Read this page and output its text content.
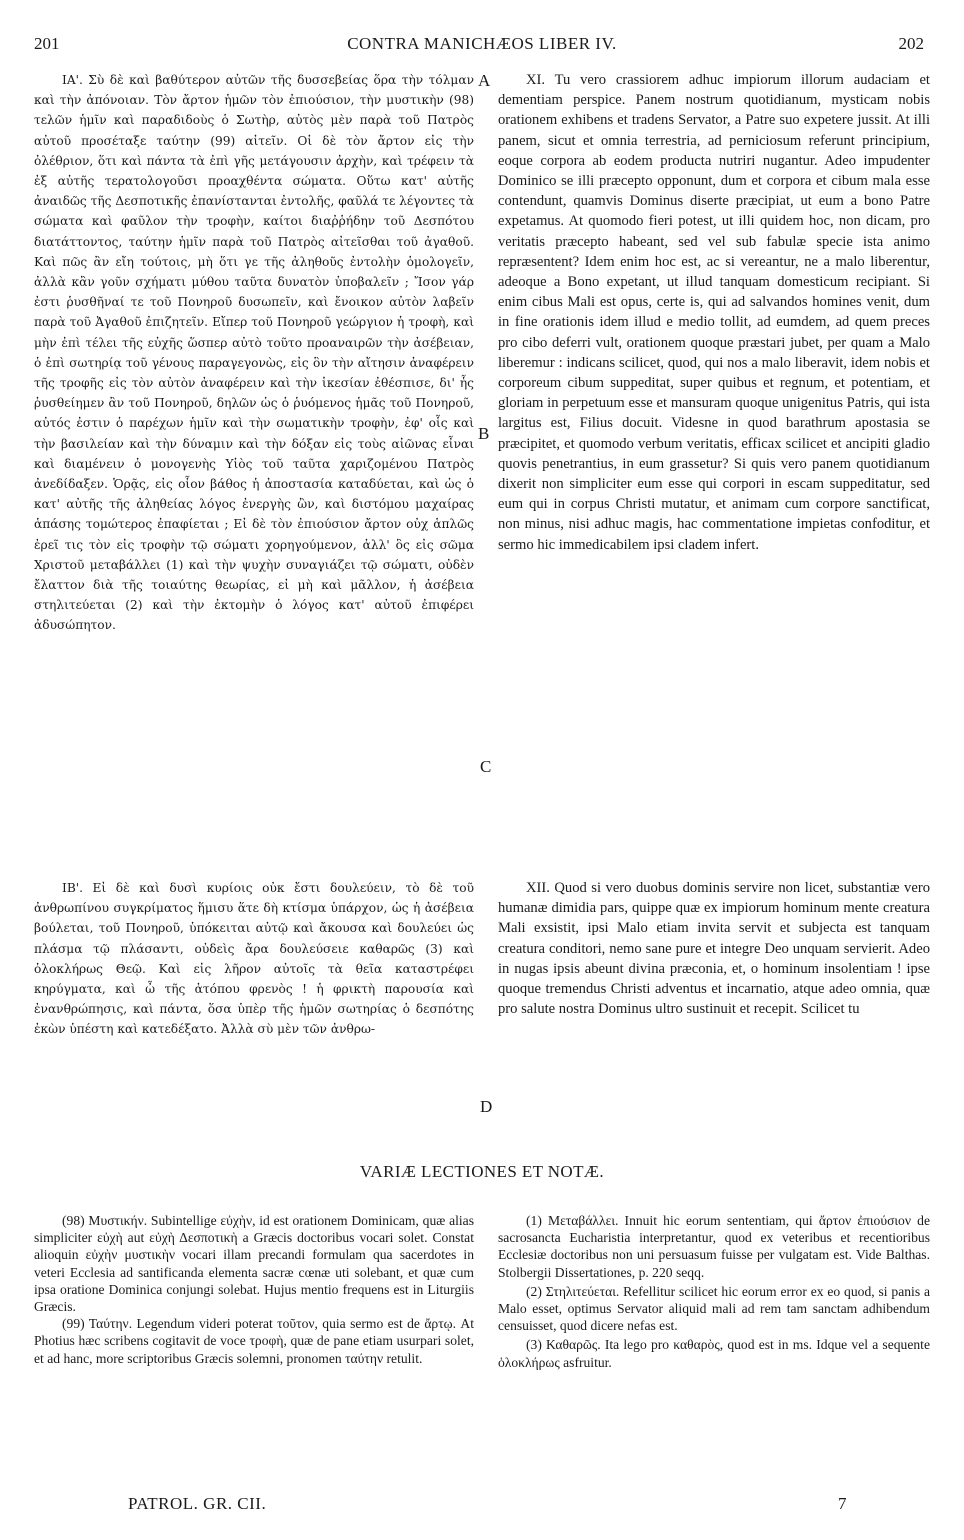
201	CONTRA MANICHÆOS LIBER IV.	202

ΙΑ'. Σὺ δὲ καὶ βαθύτερον αὐτῶν τῆς δυσσεβείας ὅρα τὴν τόλμαν καὶ τὴν ἀπόνοιαν. Τὸν ἄρτον ἡμῶν τὸν ἐπιούσιον, τὴν μυστικὴν (98) τελῶν ἡμῖν καὶ παραδιδοὺς ὁ Σωτὴρ, αὐτὸς μὲν παρὰ τοῦ Πατρὸς αὐτοῦ προσέταξε ταύτην (99) αἰτεῖν. Οἱ δὲ τὸν ἄρτον εἰς τὴν ὀλέθριον, ὅτι καὶ πάντα τὰ ἐπὶ γῆς μετάγουσιν ἀρχὴν, καὶ τρέφειν τὰ ἐξ αὐτῆς τερατολογοῦσι προαχθέντα σώματα. Οὕτω κατ' αὐτῆς ἀναιδῶς τῆς Δεσποτικῆς ἐπανίστανται ἐντολῆς, φαῦλά τε λέγοντες τὰ σώματα καὶ φαῦλον τὴν τροφὴν, καίτοι διαῤῥήδην τοῦ Δεσπότου διατάττοντος, ταύτην ἡμῖν παρὰ τοῦ Πατρὸς αἰτεῖσθαι τοῦ ἀγαθοῦ. Καὶ πῶς ἂν εἴη τούτοις, μὴ ὅτι γε τῆς ἀληθοῦς ἐντολὴν ὁμολογεῖν, ἀλλὰ κἂν γοῦν σχήματι μύθου ταῦτα δυνατὸν ὑποβαλεῖν ; Ἴσον γάρ ἐστι ῥυσθῆναί τε τοῦ Πονηροῦ δυσωπεῖν, καὶ ἔνοικον αὐτὸν λαβεῖν παρὰ τοῦ Ἀγαθοῦ ἐπιζητεῖν. Εἴπερ τοῦ Πονηροῦ γεώργιον ἡ τροφὴ, καὶ μὴν ἐπὶ τέλει τῆς εὐχῆς ὥσπερ αὐτὸ τοῦτο προαναιρῶν τὴν ἀσέβειαν, ὁ ἐπὶ σωτηρίᾳ τοῦ γένους παραγεγονὼς, εἰς ὃν τὴν αἴτησιν ἀναφέρειν τῆς τροφῆς εἰς τὸν αὐτὸν ἀναφέρειν καὶ τὴν ἱκεσίαν ἐθέσπισε, δι' ἧς ῥυσθείημεν ἂν τοῦ Πονηροῦ, δηλῶν ὡς ὁ ῥυόμενος ἡμᾶς τοῦ Πονηροῦ, αὐτός ἐστιν ὁ παρέχων ἡμῖν καὶ τὴν σωματικὴν τροφὴν, ἐφ' οἷς καὶ τὴν βασιλείαν καὶ τὴν δύναμιν καὶ τὴν δόξαν εἰς τοὺς αἰῶνας εἶναι καὶ διαμένειν ὁ μονογενὴς Υἱὸς τοῦ ταῦτα χαριζομένου Πατρὸς ἀνεδίδαξεν. Ὁρᾷς, εἰς οἷον βάθος ἡ ἀποστασία καταδύεται, καὶ ὡς ὁ κατ' αὐτῆς τῆς ἀληθείας λόγος ἐνεργὴς ὢν, καὶ διστόμου μαχαίρας ἁπάσης τομώτερος ἐπαφίεται ; Εἰ δὲ τὸν ἐπιούσιον ἄρτον οὐχ ἁπλῶς ἐρεῖ τις τὸν εἰς τροφὴν τῷ σώματι χορηγούμενον, ἀλλ' ὃς εἰς σῶμα Χριστοῦ μεταβάλλει (1) καὶ τὴν ψυχὴν συναγιάζει τῷ σώματι, οὐδὲν ἔλαττον διὰ τῆς τοιαύτης θεωρίας, εἰ μὴ καὶ μᾶλλον, ἡ ἀσέβεια στηλιτεύεται (2) καὶ τὴν ἐκτομὴν ὁ λόγος κατ' αὐτοῦ ἐπιφέρει ἀδυσώπητον.

ΙΒ'. Εἰ δὲ καὶ δυσὶ κυρίοις οὐκ ἔστι δουλεύειν, τὸ δὲ τοῦ ἀνθρωπίνου συγκρίματος ἥμισυ ἅτε δὴ κτίσμα ὑπάρχον, ὡς ἡ ἀσέβεια βούλεται, τοῦ Πονηροῦ, ὑπόκειται αὐτῷ καὶ ἄκουσα καὶ δουλεύει ὡς πλάσμα τῷ πλάσαντι, οὐδεὶς ἄρα δουλεύσειε καθαρῶς (3) καὶ ὁλοκλήρως Θεῷ. Καὶ εἰς λῆρον αὐτοῖς τὰ θεῖα καταστρέφει κηρύγματα, καὶ ὦ τῆς ἀτόπου φρενὸς ! ἡ φρικτὴ παρουσία καὶ ἐνανθρώπησις, καὶ πάντα, ὅσα ὑπὲρ τῆς ἡμῶν σωτηρίας ὁ δεσπότης ἐκὼν ὑπέστη καὶ κατεδέξατο. Ἀλλὰ σὺ μὲν τῶν ἀνθρω-

A
B
C
D

XI. Tu vero crassiorem adhuc impiorum illorum audaciam et dementiam perspice. Panem nostrum quotidianum, mysticam nobis orationem exhibens et tradens Servator, a Patre suo expetere jussit. At illi panem, sicut et omnia terrestria, ad perniciosum referunt principium, eoque corpora ab eodem producta nutriri nugantur. Adeo impudenter Dominico se illi præcepto opponunt, dum et corpora et cibum mala esse contendunt, quamvis Dominus diserte præcipiat, ut eum a bono Patre expetamus. At quomodo fieri potest, ut illi quidem hoc, non dicam, pro veritatis præcepto habeant, sed vel sub fabulæ specie ista animo repræsentent? Idem enim hoc est, ac si vereantur, ne a malo liberentur, adeoque a Bono expetant, ut illud tanquam domesticum recipiant. Si enim cibus Mali est opus, certe is, qui ad salvandos homines venit, dum in fine orationis idem illud e medio tollit, ad eumdem, ad quem preces pro cibo deferri vult, orationem quoque præstari jubet, per quam a Malo liberemur : indicans scilicet, quod, qui nos a malo liberavit, idem nobis et corporeum cibum suppeditat, super quibus et regnum, et potentiam, et gloriam in perpetuum esse et mansuram quoque unigenitus Patris, qui ista largitus est, Filius docuit. Videsne in quod barathrum apostasia se præcipitet, et quomodo verbum veritatis, efficax scilicet et ancipiti gladio quovis penetrantius, in eum grassetur? Si quis vero panem quotidianum dixerit non simpliciter eum esse qui corpori in escam suppeditatur, sed eum qui in corpus Christi mutatur, et animam cum corpore sanctificat, non minus, nisi adhuc magis, hac commentatione impietas confoditur, et sermo hic immedicabilem ipsi cladem infert.

XII. Quod si vero duobus dominis servire non licet, substantiæ vero humanæ dimidia pars, quippe quæ ex impiorum hominum mente creatura Mali exsistit, ipsi Malo etiam invita servit et subjecta est tanquam creatura conditori, nemo sane pure et integre Deo unquam servierit. Adeo in nugas ipsis abeunt divina præconia, et, o hominum insolentiam ! ipse quoque tremendus Christi adventus et incarnatio, atque adeo omnia, quæ pro salute nostra Dominus ultro sustinuit et recepit. Scilicet tu

VARIÆ LECTIONES ET NOTÆ.

(98) Μυστικήν. Subintellige εὐχὴν, id est orationem Dominicam, quæ alias simpliciter εὐχὴ aut εὐχὴ Δεσποτικὴ a Græcis doctoribus vocari solet. Constat alioquin εὐχὴν μυστικὴν vocari illam precandi formulam qua sacerdotes in veteri Ecclesia ad santificanda elementa sacræ cœnæ uti solebant, et quæ cum ipsa oratione Dominica conjungi solebat. Hujus mentio frequens est in Liturgiis Græcis.

(99) Ταύτην. Legendum videri poterat τοῦτον, quia sermo est de ἄρτῳ. At Photius hæc scribens cogitavit de voce τροφὴ, quæ de pane etiam usurpari solet, et ad hanc, more scriptoribus Græcis solemni, pronomen ταύτην retulit.

(1) Μεταβάλλει. Innuit hic eorum sententiam, qui ἄρτον ἐπιούσιον de sacrosancta Eucharistia interpretantur, quod ex veteribus et recentioribus Ecclesiæ doctoribus non uni persuasum fuisse per vulgatam est. Vide Balthas. Stolbergii Dissertationes, p. 220 seqq.

(2) Στηλιτεύεται. Refellitur scilicet hic eorum error ex eo quod, si panis a Malo esset, optimus Servator aliquid mali ad rem tam sanctam adhibendum censuisset, quod dicere nefas est.

(3) Καθαρῶς. Ita lego pro καθαρὸς, quod est in ms. Idque vel a sequente ὁλοκλήρως asfruitur.

PATROL. GR. CII.	7
